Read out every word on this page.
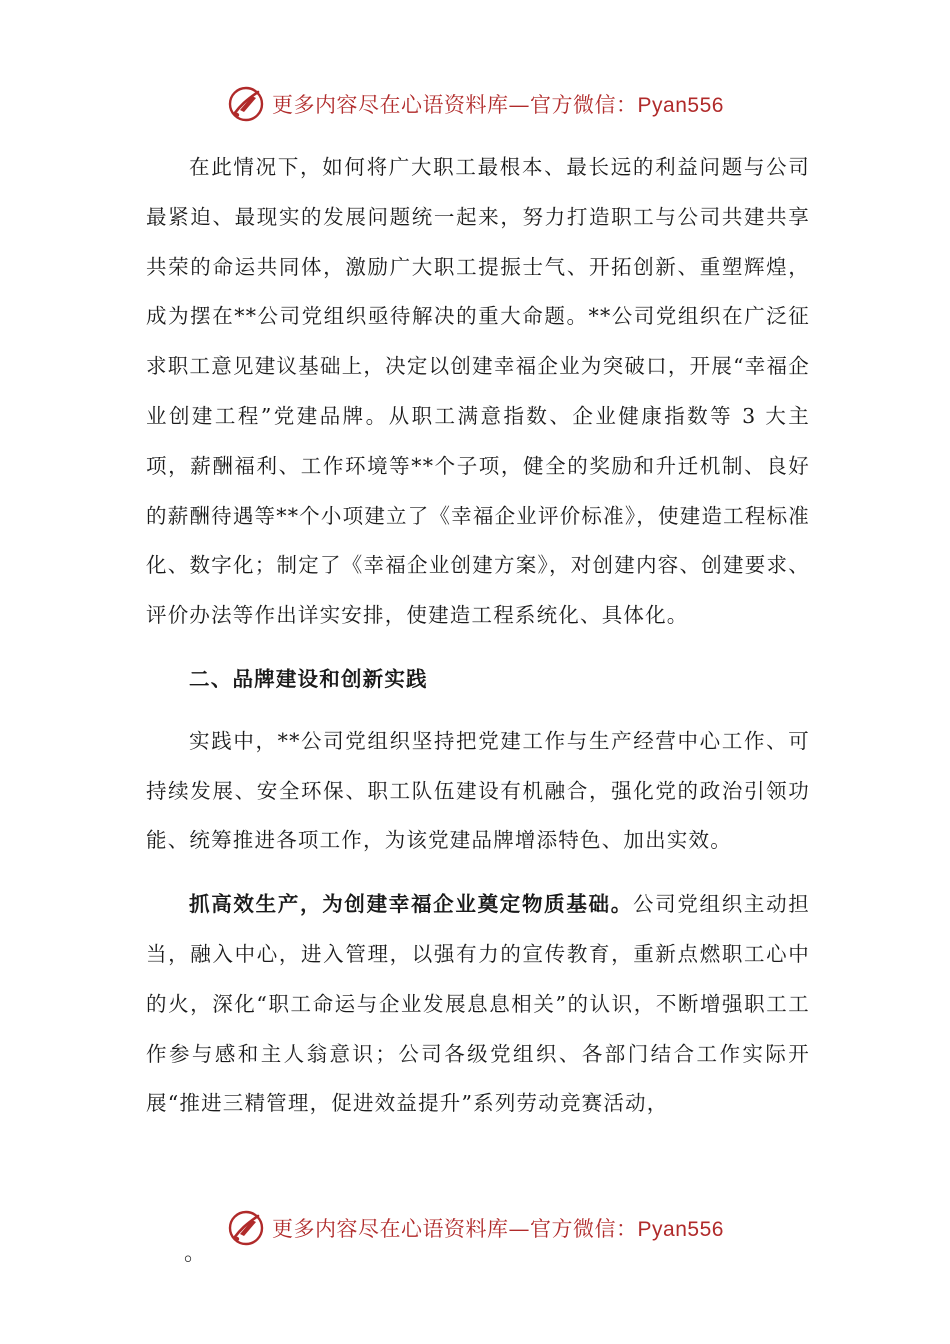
更多内容尽在心语资料库—官方微信：Pyan556

在此情况下，如何将广大职工最根本、最长远的利益问题与公司最紧迫、最现实的发展问题统一起来，努力打造职工与公司共建共享共荣的命运共同体，激励广大职工提振士气、开拓创新、重塑辉煌，成为摆在**公司党组织亟待解决的重大命题。**公司党组织在广泛征求职工意见建议基础上，决定以创建幸福企业为突破口，开展“幸福企业创建工程”党建品牌。从职工满意指数、企业健康指数等 3 大主项，薪酬福利、工作环境等**个子项，健全的奖励和升迁机制、良好的薪酬待遇等**个小项建立了《幸福企业评价标准》，使建造工程标准化、数字化；制定了《幸福企业创建方案》，对创建内容、创建要求、评价办法等作出详实安排，使建造工程系统化、具体化。

二、品牌建设和创新实践

实践中，**公司党组织坚持把党建工作与生产经营中心工作、可持续发展、安全环保、职工队伍建设有机融合，强化党的政治引领功能、统筹推进各项工作，为该党建品牌增添特色、加出实效。

抓高效生产，为创建幸福企业奠定物质基础。公司党组织主动担当，融入中心，进入管理，以强有力的宣传教育，重新点燃职工心中的火，深化“职工命运与企业发展息息相关”的认识，不断增强职工工作参与感和主人翁意识；公司各级党组织、各部门结合工作实际开展“推进三精管理，促进效益提升”系列劳动竞赛活动，

更多内容尽在心语资料库—官方微信：Pyan556
。
